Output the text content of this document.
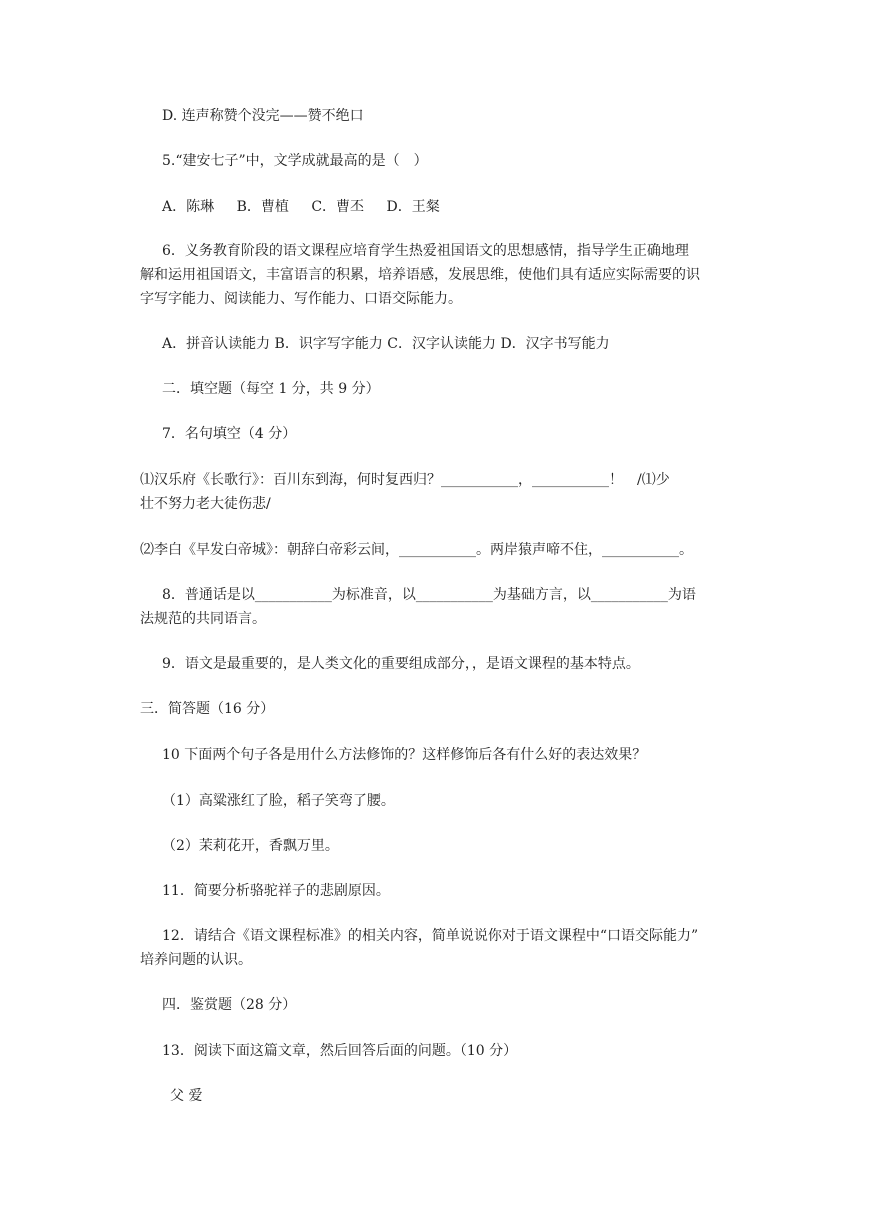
D. 连声称赞个没完——赞不绝口

5.“建安七子”中，文学成就最高的是（　）

A．陈琳 B．曹植 C．曹丕 D．王粲

6．义务教育阶段的语文课程应培育学生热爱祖国语文的思想感情，指导学生正确地理

解和运用祖国语文，丰富语言的积累，培养语感，发展思维，使他们具有适应实际需要的识

字写字能力、阅读能力、写作能力、口语交际能力。

A．拼音认读能力 B．识字写字能力 C．汉字认读能力 D．汉字书写能力

二．填空题（每空 1 分，共 9 分）

7．名句填空（4 分）

⑴汉乐府《长歌行》：百川东到海，何时复西归？___________，___________！　/⑴少

壮不努力老大徒伤悲/

⑵李白《早发白帝城》：朝辞白帝彩云间，___________。两岸猿声啼不住，___________。

8．普通话是以___________为标准音，以___________为基础方言，以___________为语

法规范的共同语言。

9．语文是最重要的，是人类文化的重要组成部分，，是语文课程的基本特点。

三．简答题（16 分）

10 下面两个句子各是用什么方法修饰的？这样修饰后各有什么好的表达效果？

（1）高粱涨红了脸，稻子笑弯了腰。

（2）茉莉花开，香飘万里。

11．简要分析骆驼祥子的悲剧原因。

12．请结合《语文课程标准》的相关内容，简单说说你对于语文课程中“口语交际能力”

培养问题的认识。

四．鉴赏题（28 分）

13．阅读下面这篇文章，然后回答后面的问题。（10 分）

父 爱
